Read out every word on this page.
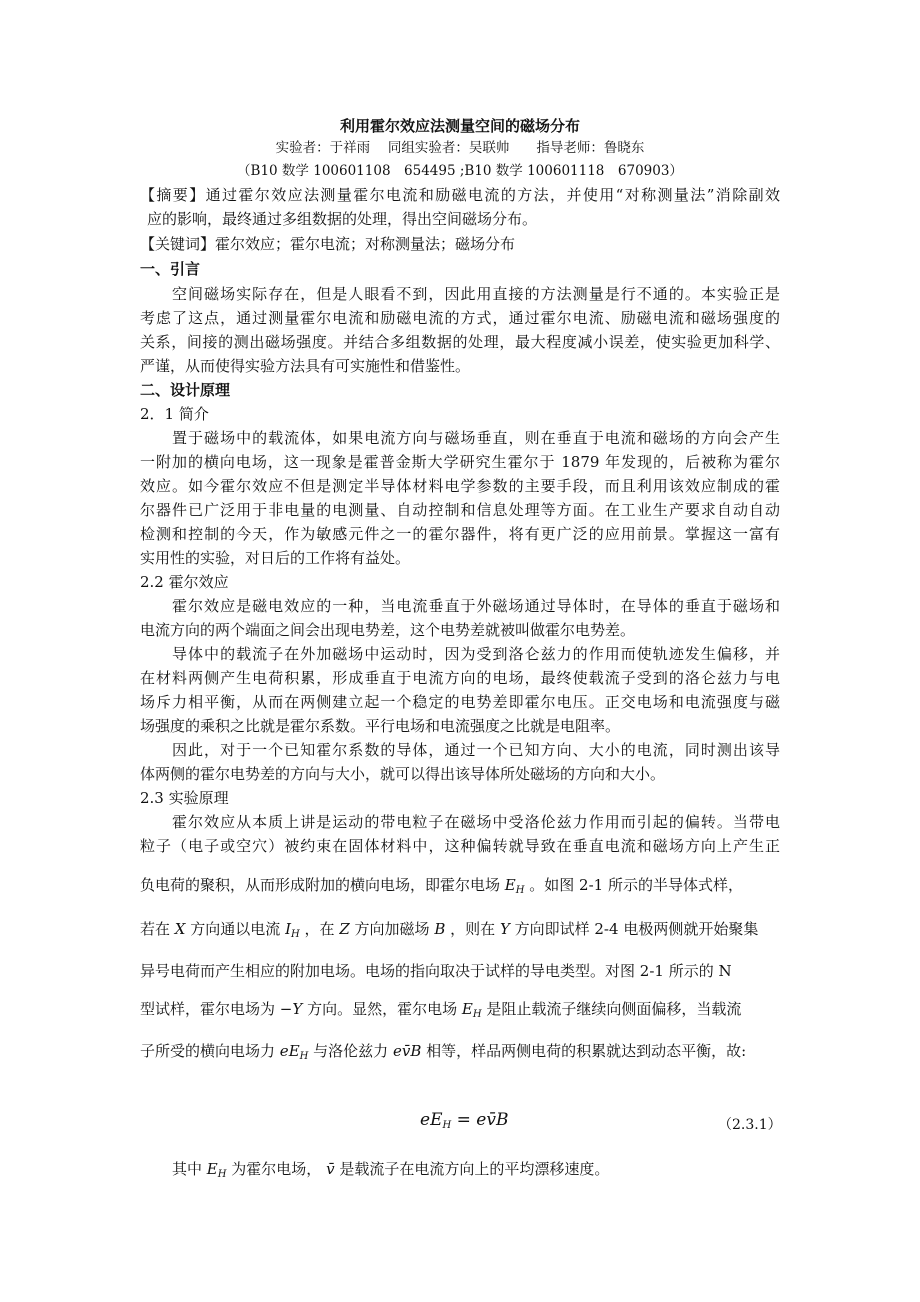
利用霍尔效应法测量空间的磁场分布
实验者：于祥雨　 同组实验者：吴联帅　　指导老师：鲁晓东
（B10 数学 100601108　654495 ;B10 数学 100601118　670903）
【摘要】通过霍尔效应法测量霍尔电流和励磁电流的方法，并使用“对称测量法”消除副效
应的影响，最终通过多组数据的处理，得出空间磁场分布。
【关键词】霍尔效应；霍尔电流；对称测量法；磁场分布
一、引言
空间磁场实际存在，但是人眼看不到，因此用直接的方法测量是行不通的。本实验正是
考虑了这点，通过测量霍尔电流和励磁电流的方式，通过霍尔电流、励磁电流和磁场强度的
关系，间接的测出磁场强度。并结合多组数据的处理，最大程度减小误差，使实验更加科学、
严谨，从而使得实验方法具有可实施性和借鉴性。
二、设计原理
2．1 简介
置于磁场中的载流体，如果电流方向与磁场垂直，则在垂直于电流和磁场的方向会产生
一附加的横向电场，这一现象是霍普金斯大学研究生霍尔于 1879 年发现的，后被称为霍尔
效应。如今霍尔效应不但是测定半导体材料电学参数的主要手段，而且利用该效应制成的霍
尔器件已广泛用于非电量的电测量、自动控制和信息处理等方面。在工业生产要求自动自动
检测和控制的今天，作为敏感元件之一的霍尔器件，将有更广泛的应用前景。掌握这一富有
实用性的实验，对日后的工作将有益处。
2.2 霍尔效应
霍尔效应是磁电效应的一种，当电流垂直于外磁场通过导体时，在导体的垂直于磁场和
电流方向的两个端面之间会出现电势差，这个电势差就被叫做霍尔电势差。
导体中的载流子在外加磁场中运动时，因为受到洛仑兹力的作用而使轨迹发生偏移，并
在材料两侧产生电荷积累，形成垂直于电流方向的电场，最终使载流子受到的洛仑兹力与电
场斥力相平衡，从而在两侧建立起一个稳定的电势差即霍尔电压。正交电场和电流强度与磁
场强度的乘积之比就是霍尔系数。平行电场和电流强度之比就是电阻率。
因此，对于一个已知霍尔系数的导体，通过一个已知方向、大小的电流，同时测出该导
体两侧的霍尔电势差的方向与大小，就可以得出该导体所处磁场的方向和大小。
2.3 实验原理
霍尔效应从本质上讲是运动的带电粒子在磁场中受洛伦兹力作用而引起的偏转。当带电
粒子（电子或空穴）被约束在固体材料中，这种偏转就导致在垂直电流和磁场方向上产生正
负电荷的聚积，从而形成附加的横向电场，即霍尔电场 $E_H$ 。如图 2-1 所示的半导体式样，
若在 X 方向通以电流 $I_H$ ，在 Z 方向加磁场 B ，则在 Y 方向即试样 2-4 电极两侧就开始聚集
异号电荷而产生相应的附加电场。电场的指向取决于试样的导电类型。对图 2-1 所示的 N
型试样，霍尔电场为 −Y 方向。显然，霍尔电场 $E_H$ 是阻止载流子继续向侧面偏移，当载流
子所受的横向电场力 $eE_H$ 与洛伦兹力 ev̄B 相等，样品两侧电荷的积累就达到动态平衡，故:
$eE_H$ = ev̄B	（2.3.1）
其中 $E_H$ 为霍尔电场， v̄ 是载流子在电流方向上的平均漂移速度。
